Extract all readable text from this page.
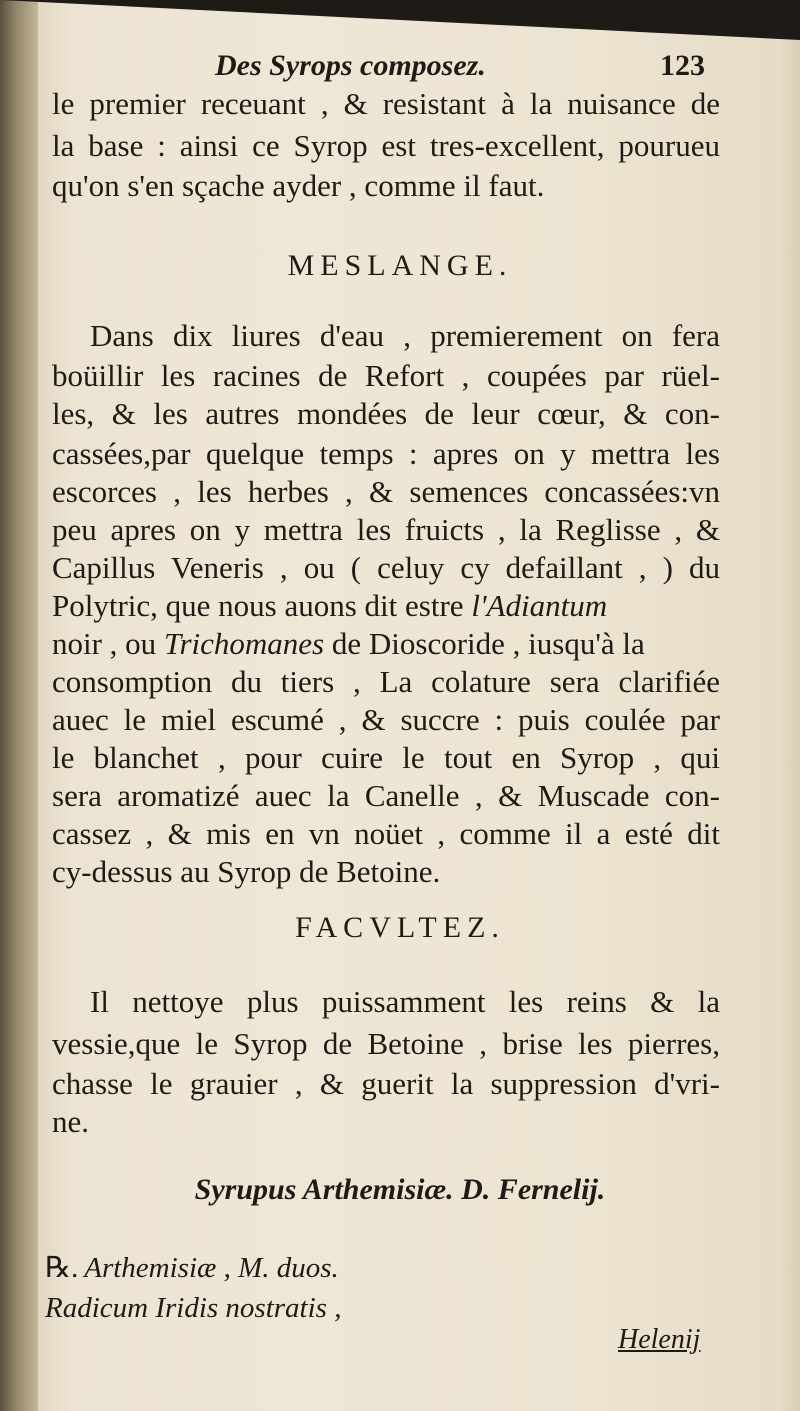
Des Syrops composez.	123
le premier receuant , & resistant à la nuisance de
la base : ainsi ce Syrop est tres-excellent, pourueu
qu'on s'en sçache ayder , comme il faut.
MESLANGE.
Dans dix liures d'eau , premierement on fera
boüillir les racines de Refort , coupées par rüel-
les, & les autres mondées de leur cœur, & con-
cassées,par quelque temps : apres on y mettra les
escorces , les herbes , & semences concassées:vn
peu apres on y mettra les fruicts , la Reglisse , &
Capillus Veneris , ou ( celuy cy defaillant , ) du
Polytric, que nous auons dit estre l'Adiantum
noir , ou Trichomanes de Dioscoride , iusqu'à la
consomption du tiers , La colature sera clarifiée
auec le miel escumé , & succre : puis coulée par
le blanchet , pour cuire le tout en Syrop , qui
sera aromatizé auec la Canelle , & Muscade con-
cassez , & mis en vn noüet , comme il a esté dit
cy-dessus au Syrop de Betoine.
FACVLTEZ.
Il nettoye plus puissamment les reins & la
vessie,que le Syrop de Betoine , brise les pierres,
chasse le grauier , & guerit la suppression d'vri-
ne.
Syrupus Arthemisiæ. D. Fernelij.
℞. Arthemisiæ , M. duos.
Radicum Iridis nostratis ,
Helenij
